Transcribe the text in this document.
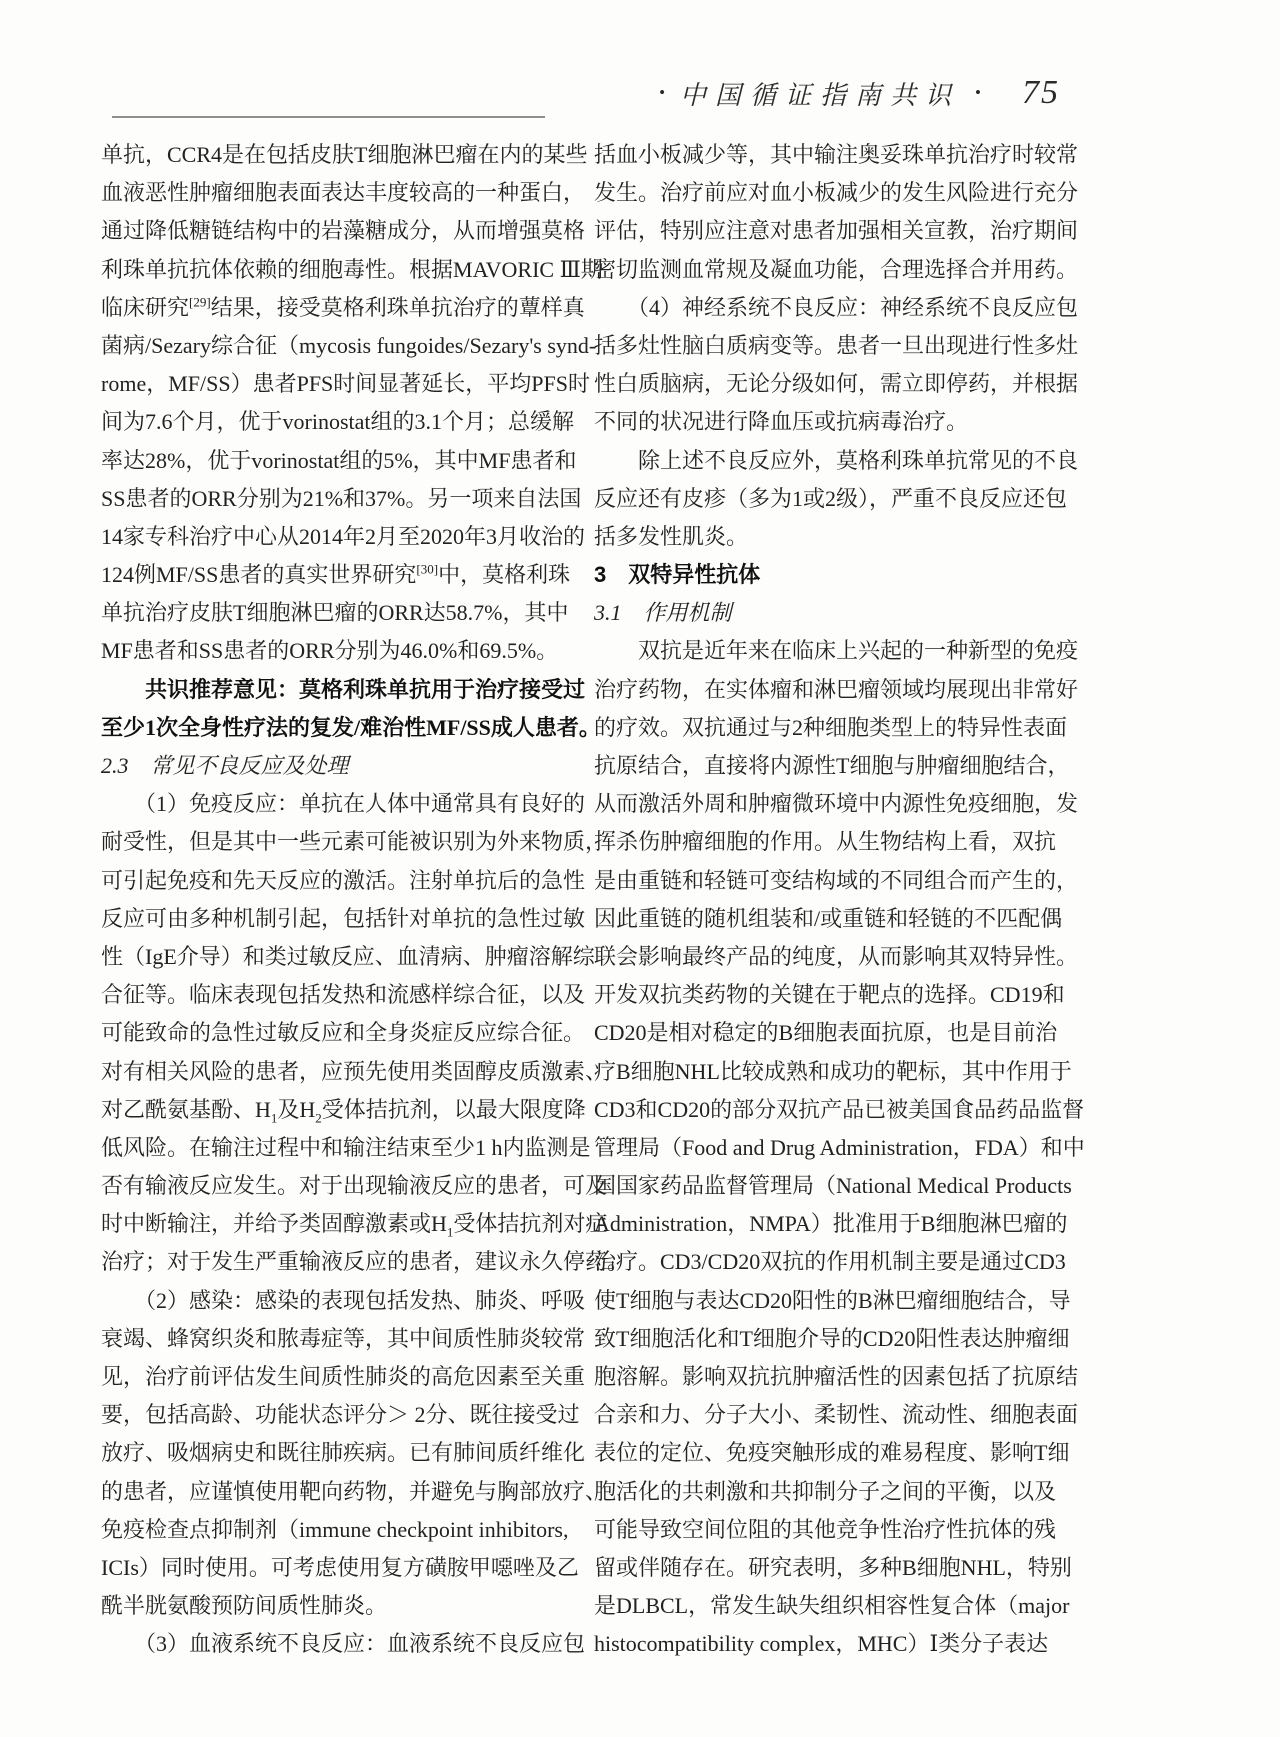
• 中国循证指南共识 • 75
单抗，CCR4是在包括皮肤T细胞淋巴瘤在内的某些
血液恶性肿瘤细胞表面表达丰度较高的一种蛋白，
通过降低糖链结构中的岩藻糖成分，从而增强莫格
利珠单抗抗体依赖的细胞毒性。根据MAVORIC Ⅲ期
临床研究[29]结果，接受莫格利珠单抗治疗的蕈样真
菌病/Sezary综合征（mycosis fungoides/Sezary's synd-
rome，MF/SS）患者PFS时间显著延长，平均PFS时
间为7.6个月，优于vorinostat组的3.1个月；总缓解
率达28%，优于vorinostat组的5%，其中MF患者和
SS患者的ORR分别为21%和37%。另一项来自法国
14家专科治疗中心从2014年2月至2020年3月收治的
124例MF/SS患者的真实世界研究[30]中，莫格利珠
单抗治疗皮肤T细胞淋巴瘤的ORR达58.7%，其中
MF患者和SS患者的ORR分别为46.0%和69.5%。
　　共识推荐意见：莫格利珠单抗用于治疗接受过
至少1次全身性疗法的复发/难治性MF/SS成人患者。
2.3　常见不良反应及处理
　　（1）免疫反应：单抗在人体中通常具有良好的
耐受性，但是其中一些元素可能被识别为外来物质，
可引起免疫和先天反应的激活。注射单抗后的急性
反应可由多种机制引起，包括针对单抗的急性过敏
性（IgE介导）和类过敏反应、血清病、肿瘤溶解综
合征等。临床表现包括发热和流感样综合征，以及
可能致命的急性过敏反应和全身炎症反应综合征。
对有相关风险的患者，应预先使用类固醇皮质激素、
对乙酰氨基酚、$H_1$及$H_2$受体拮抗剂，以最大限度降
低风险。在输注过程中和输注结束至少1 h内监测是
否有输液反应发生。对于出现输液反应的患者，可及
时中断输注，并给予类固醇激素或$H_1$受体拮抗剂对症
治疗；对于发生严重输液反应的患者，建议永久停药。
　　（2）感染：感染的表现包括发热、肺炎、呼吸
衰竭、蜂窝织炎和脓毒症等，其中间质性肺炎较常
见，治疗前评估发生间质性肺炎的高危因素至关重
要，包括高龄、功能状态评分＞ 2分、既往接受过
放疗、吸烟病史和既往肺疾病。已有肺间质纤维化
的患者，应谨慎使用靶向药物，并避免与胸部放疗、
免疫检查点抑制剂（immune checkpoint inhibitors,
ICIs）同时使用。可考虑使用复方磺胺甲噁唑及乙
酰半胱氨酸预防间质性肺炎。
　　（3）血液系统不良反应：血液系统不良反应包
括血小板减少等，其中输注奥妥珠单抗治疗时较常
发生。治疗前应对血小板减少的发生风险进行充分
评估，特别应注意对患者加强相关宣教，治疗期间
密切监测血常规及凝血功能，合理选择合并用药。
　　（4）神经系统不良反应：神经系统不良反应包
括多灶性脑白质病变等。患者一旦出现进行性多灶
性白质脑病，无论分级如何，需立即停药，并根据
不同的状况进行降血压或抗病毒治疗。
　　除上述不良反应外，莫格利珠单抗常见的不良
反应还有皮疹（多为1或2级），严重不良反应还包
括多发性肌炎。
3　双特异性抗体
3.1　作用机制
　　双抗是近年来在临床上兴起的一种新型的免疫
治疗药物，在实体瘤和淋巴瘤领域均展现出非常好
的疗效。双抗通过与2种细胞类型上的特异性表面
抗原结合，直接将内源性T细胞与肿瘤细胞结合，
从而激活外周和肿瘤微环境中内源性免疫细胞，发
挥杀伤肿瘤细胞的作用。从生物结构上看，双抗
是由重链和轻链可变结构域的不同组合而产生的，
因此重链的随机组装和/或重链和轻链的不匹配偶
联会影响最终产品的纯度，从而影响其双特异性。
开发双抗类药物的关键在于靶点的选择。CD19和
CD20是相对稳定的B细胞表面抗原，也是目前治
疗B细胞NHL比较成熟和成功的靶标，其中作用于
CD3和CD20的部分双抗产品已被美国食品药品监督
管理局（Food and Drug Administration，FDA）和中
国国家药品监督管理局（National Medical Products
Administration，NMPA）批准用于B细胞淋巴瘤的
治疗。CD3/CD20双抗的作用机制主要是通过CD3
使T细胞与表达CD20阳性的B淋巴瘤细胞结合，导
致T细胞活化和T细胞介导的CD20阳性表达肿瘤细
胞溶解。影响双抗抗肿瘤活性的因素包括了抗原结
合亲和力、分子大小、柔韧性、流动性、细胞表面
表位的定位、免疫突触形成的难易程度、影响T细
胞活化的共刺激和共抑制分子之间的平衡，以及
可能导致空间位阻的其他竞争性治疗性抗体的残
留或伴随存在。研究表明，多种B细胞NHL，特别
是DLBCL，常发生缺失组织相容性复合体（major
histocompatibility complex，MHC）Ⅰ类分子表达
